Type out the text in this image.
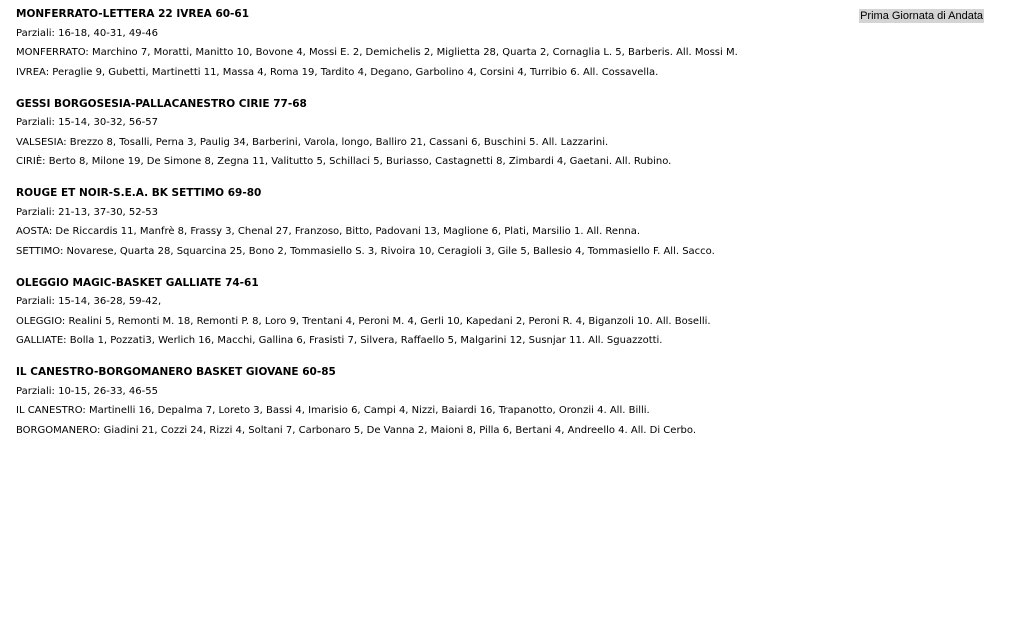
Prima Giornata di Andata
MONFERRATO-LETTERA 22 IVREA 60-61
Parziali: 16-18, 40-31, 49-46
MONFERRATO: Marchino 7, Moratti, Manitto 10, Bovone 4, Mossi E. 2, Demichelis 2, Miglietta 28, Quarta 2, Cornaglia L. 5, Barberis. All. Mossi M.
IVREA: Peraglie 9, Gubetti, Martinetti 11, Massa 4, Roma 19, Tardito 4, Degano, Garbolino 4, Corsini 4, Turribio 6. All. Cossavella.
GESSI BORGOSESIA-PALLACANESTRO CIRIE 77-68
Parziali: 15-14, 30-32, 56-57
VALSESIA: Brezzo 8, Tosalli, Perna 3, Paulig 34, Barberini, Varola, longo, Balliro 21, Cassani 6, Buschini 5. All. Lazzarini.
CIRIÈ: Berto 8, Milone 19, De Simone 8, Zegna 11, Valitutto 5, Schillaci 5, Buriasso, Castagnetti 8, Zimbardi 4, Gaetani. All. Rubino.
ROUGE ET NOIR-S.E.A. BK SETTIMO 69-80
Parziali: 21-13, 37-30, 52-53
AOSTA: De Riccardis 11, Manfrè 8, Frassy 3, Chenal 27, Franzoso, Bitto, Padovani 13, Maglione 6, Plati, Marsilio 1. All. Renna.
SETTIMO: Novarese, Quarta 28, Squarcina 25, Bono 2, Tommasiello S. 3, Rivoira 10, Ceragioli 3, Gile 5, Ballesio 4, Tommasiello F. All. Sacco.
OLEGGIO MAGIC-BASKET GALLIATE 74-61
Parziali: 15-14, 36-28, 59-42,
OLEGGIO: Realini 5, Remonti M. 18, Remonti P. 8, Loro 9, Trentani 4, Peroni M. 4, Gerli 10, Kapedani 2, Peroni R. 4, Biganzoli 10. All. Boselli.
GALLIATE: Bolla 1, Pozzati3, Werlich 16, Macchi, Gallina 6, Frasisti 7, Silvera, Raffaello 5, Malgarini 12, Susnjar 11. All. Sguazzotti.
IL CANESTRO-BORGOMANERO BASKET GIOVANE 60-85
Parziali: 10-15, 26-33, 46-55
IL CANESTRO: Martinelli 16, Depalma 7, Loreto 3, Bassi 4, Imarisio 6, Campi 4, Nizzi, Baiardi 16, Trapanotto, Oronzii 4. All. Billi.
BORGOMANERO: Giadini 21, Cozzi 24, Rizzi 4, Soltani 7, Carbonaro 5, De Vanna 2, Maioni 8, Pilla 6, Bertani 4, Andreello 4. All. Di Cerbo.
